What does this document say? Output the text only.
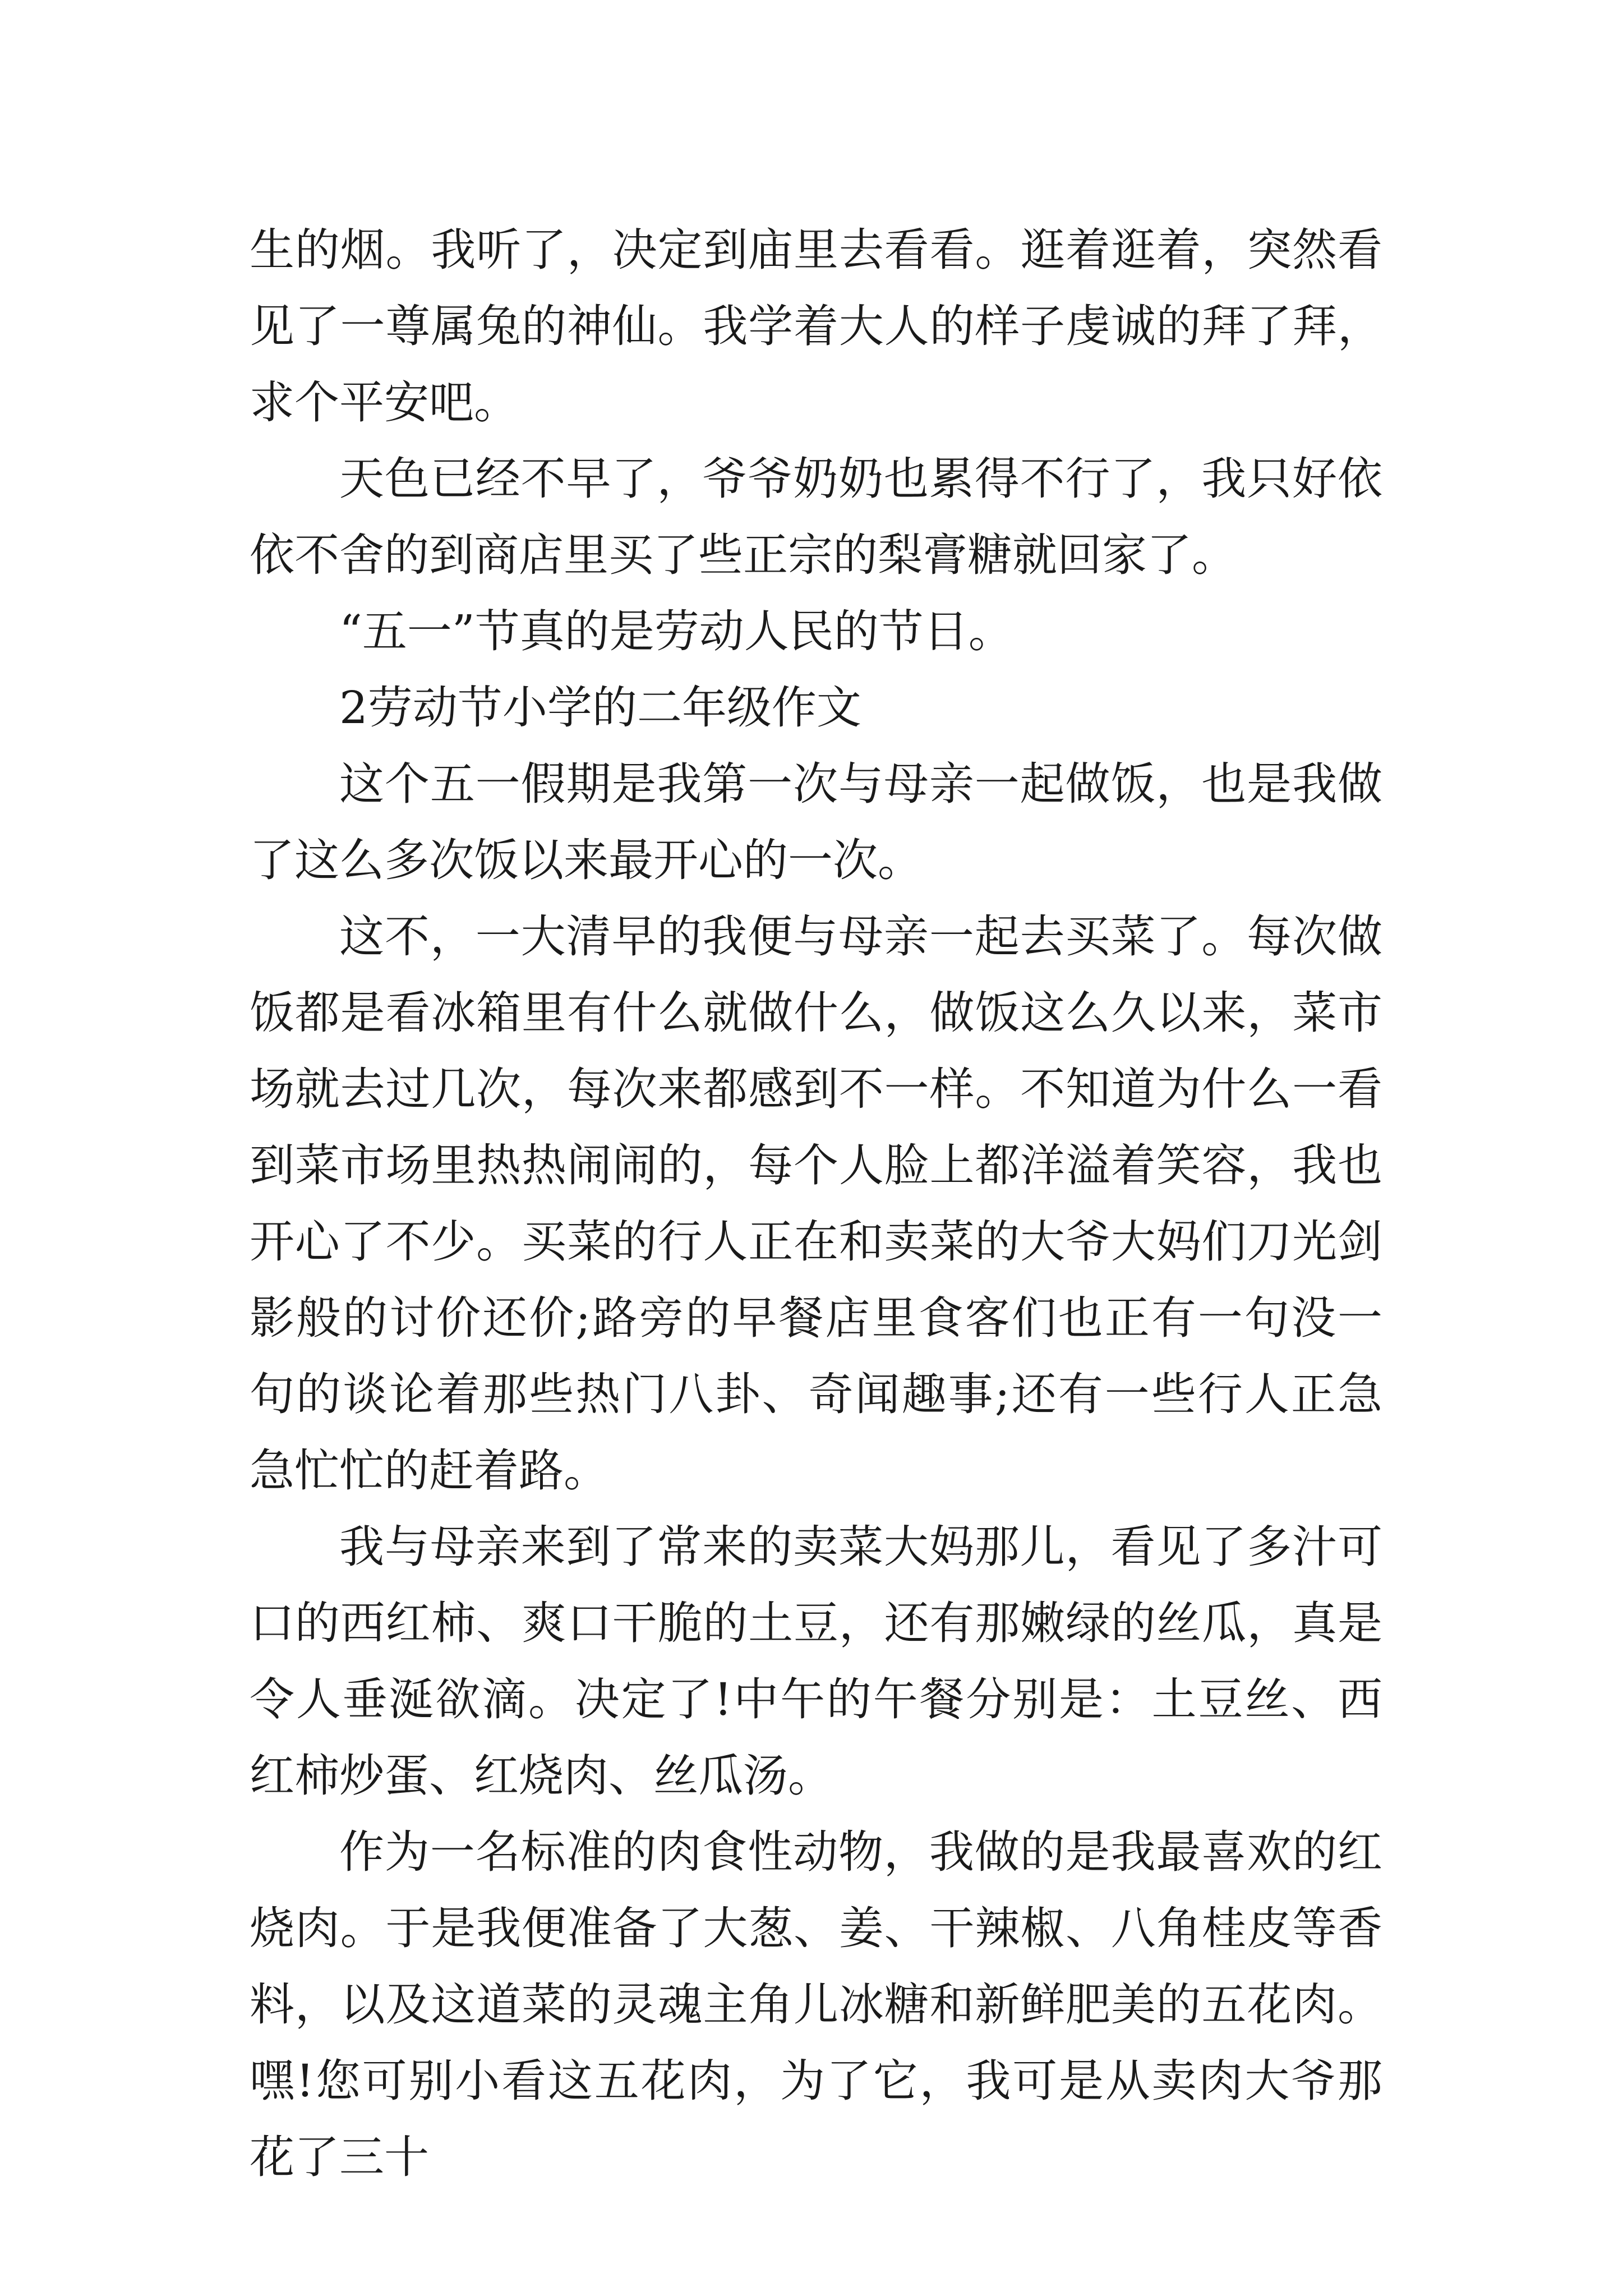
生的烟。我听了，决定到庙里去看看。逛着逛着，突然看见了一尊属兔的神仙。我学着大人的样子虔诚的拜了拜，求个平安吧。

天色已经不早了，爷爷奶奶也累得不行了，我只好依依不舍的到商店里买了些正宗的梨膏糖就回家了。

“五一”节真的是劳动人民的节日。

2劳动节小学的二年级作文

这个五一假期是我第一次与母亲一起做饭，也是我做了这么多次饭以来最开心的一次。

这不，一大清早的我便与母亲一起去买菜了。每次做饭都是看冰箱里有什么就做什么，做饭这么久以来，菜市场就去过几次，每次来都感到不一样。不知道为什么一看到菜市场里热热闹闹的，每个人脸上都洋溢着笑容，我也开心了不少。买菜的行人正在和卖菜的大爷大妈们刀光剑影般的讨价还价;路旁的早餐店里食客们也正有一句没一句的谈论着那些热门八卦、奇闻趣事;还有一些行人正急急忙忙的赶着路。

我与母亲来到了常来的卖菜大妈那儿，看见了多汁可口的西红柿、爽口干脆的土豆，还有那嫩绿的丝瓜，真是令人垂涎欲滴。决定了!中午的午餐分别是：土豆丝、西红柿炒蛋、红烧肉、丝瓜汤。

作为一名标准的肉食性动物，我做的是我最喜欢的红烧肉。于是我便准备了大葱、姜、干辣椒、八角桂皮等香料，以及这道菜的灵魂主角儿冰糖和新鲜肥美的五花肉。嘿!您可别小看这五花肉，为了它，我可是从卖肉大爷那花了三十
